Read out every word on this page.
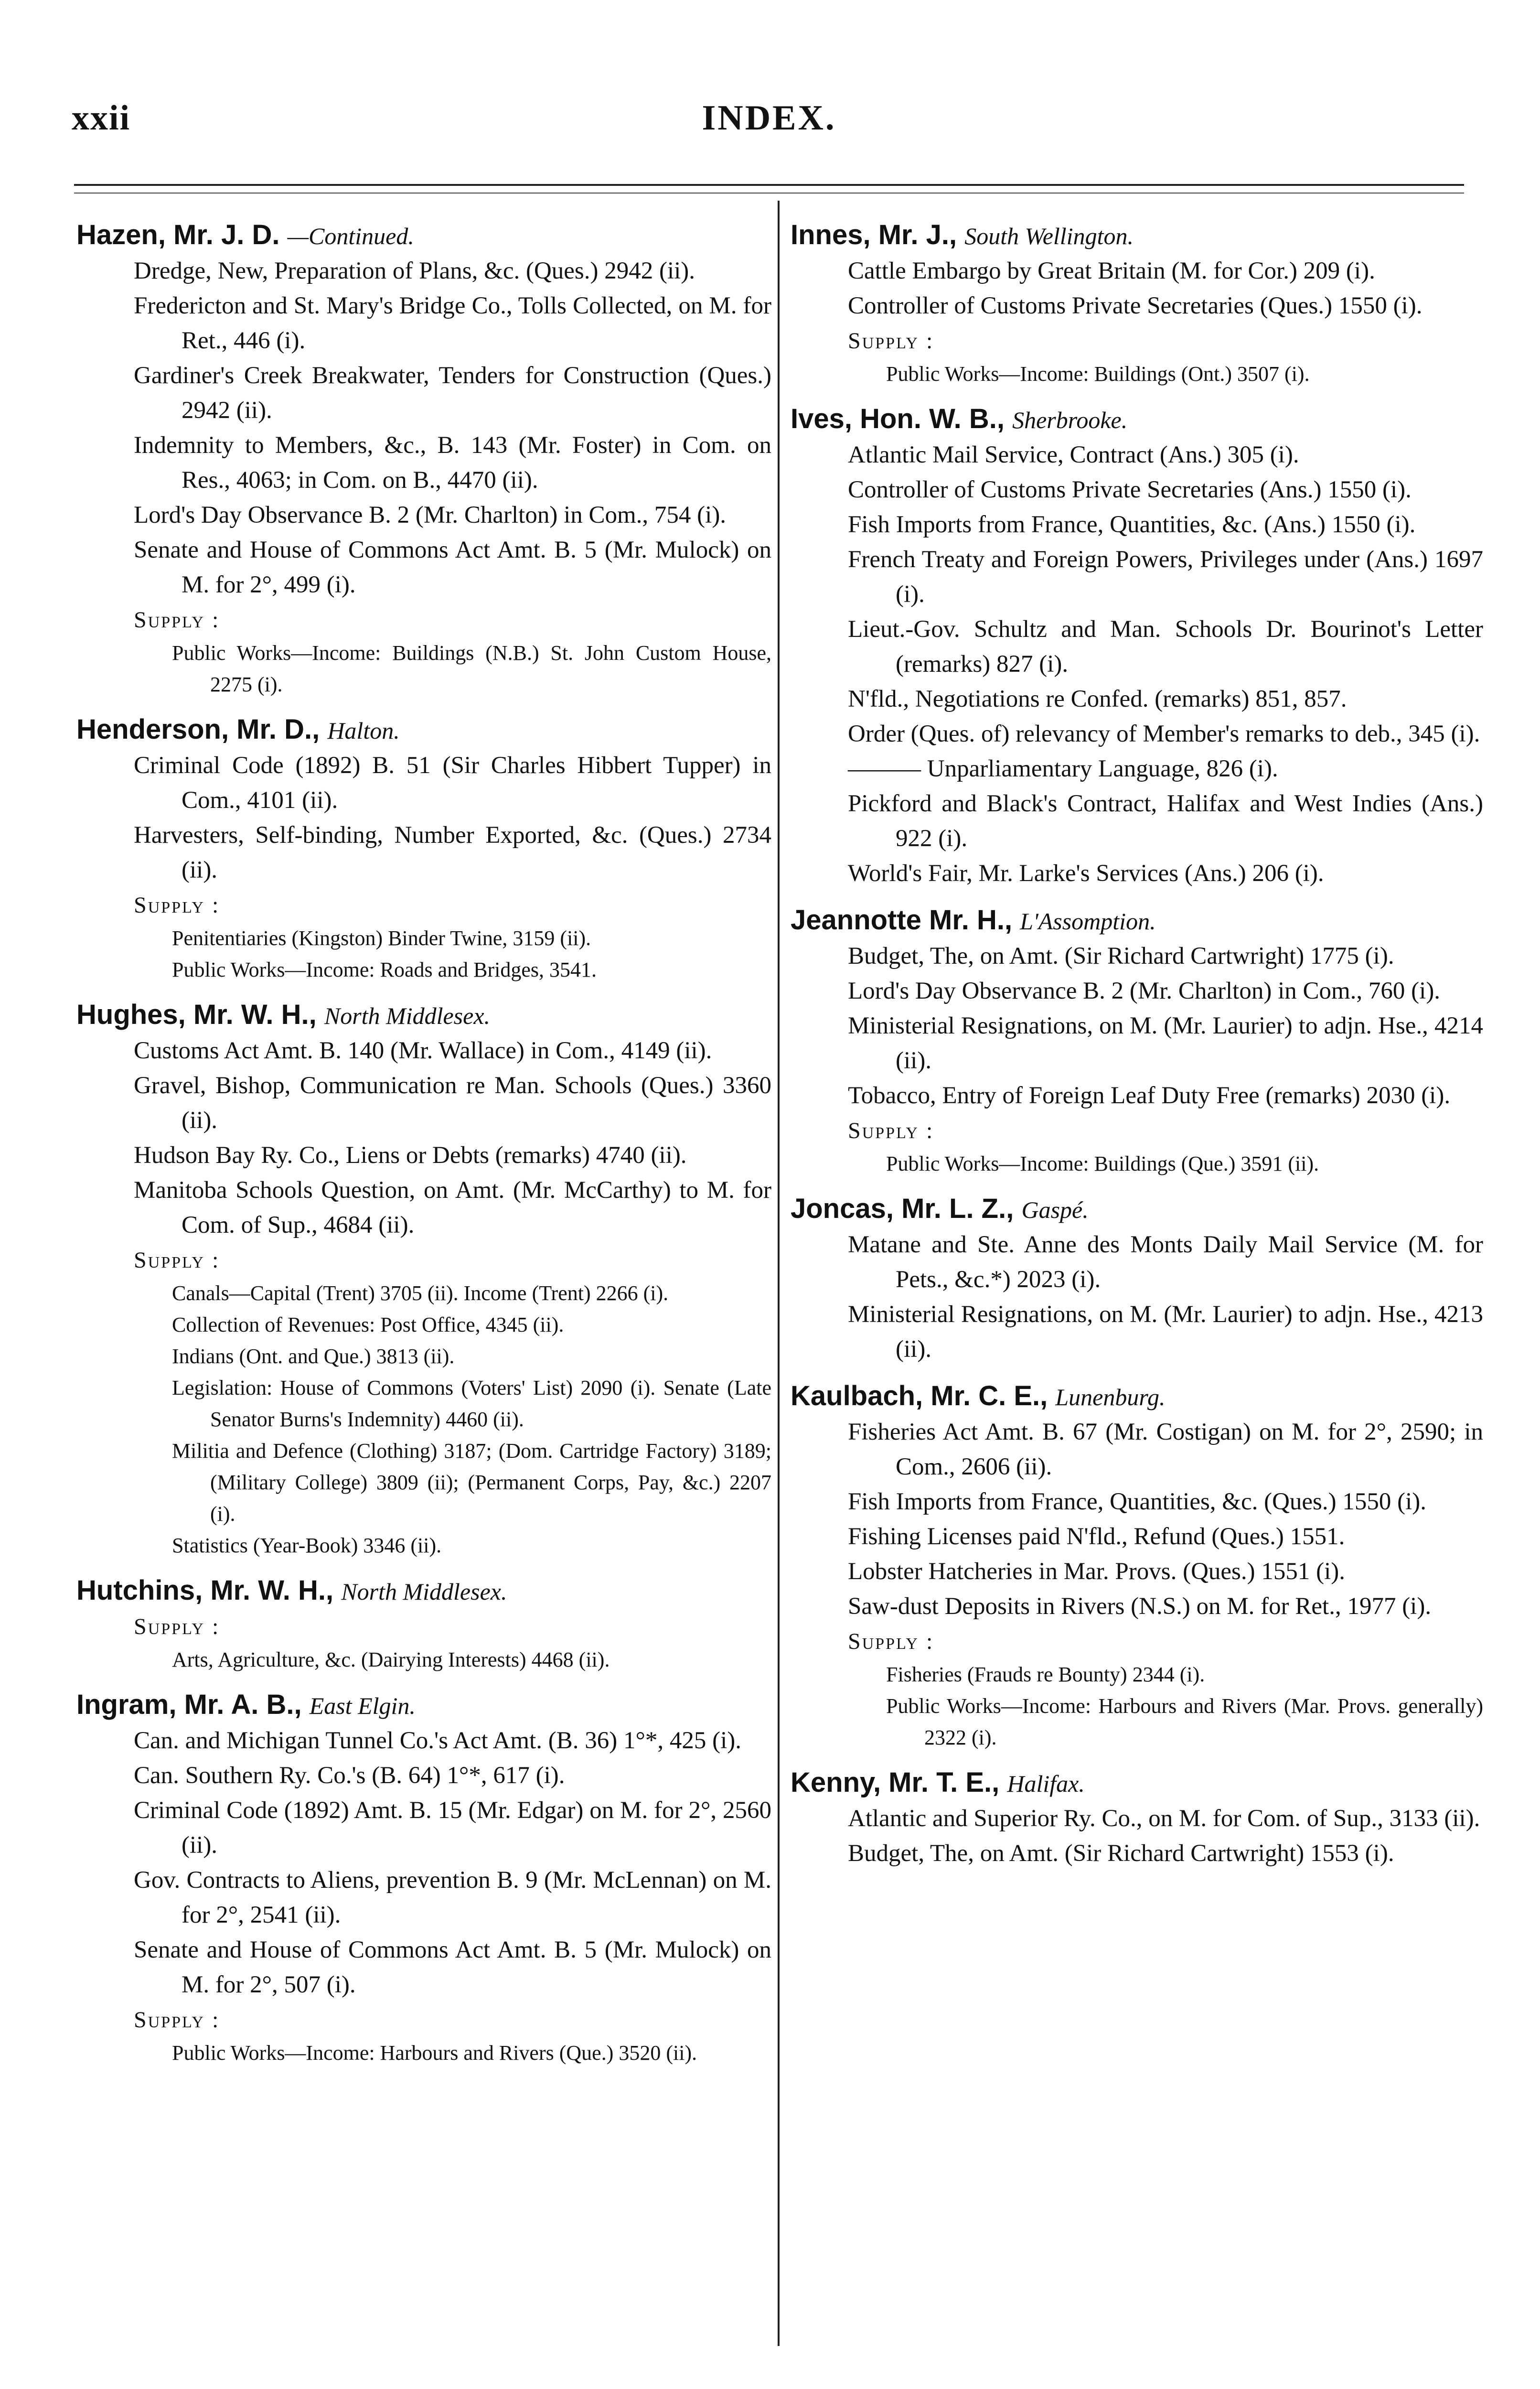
xxii	INDEX.
Hazen, Mr. J. D. —Continued.
Dredge, New, Preparation of Plans, &c. (Ques.) 2942 (ii).
Fredericton and St. Mary's Bridge Co., Tolls Collected, on M. for Ret., 446 (i).
Gardiner's Creek Breakwater, Tenders for Construction (Ques.) 2942 (ii).
Indemnity to Members, &c., B. 143 (Mr. Foster) in Com. on Res., 4063; in Com. on B., 4470 (ii).
Lord's Day Observance B. 2 (Mr. Charlton) in Com., 754 (i).
Senate and House of Commons Act Amt. B. 5 (Mr. Mulock) on M. for 2°, 499 (i).
Supply :
Public Works—Income: Buildings (N.B.) St. John Custom House, 2275 (i).
Henderson, Mr. D., Halton.
Criminal Code (1892) B. 51 (Sir Charles Hibbert Tupper) in Com., 4101 (ii).
Harvesters, Self-binding, Number Exported, &c. (Ques.) 2734 (ii).
Supply :
Penitentiaries (Kingston) Binder Twine, 3159 (ii).
Public Works—Income: Roads and Bridges, 3541.
Hughes, Mr. W. H., North Middlesex.
Customs Act Amt. B. 140 (Mr. Wallace) in Com., 4149 (ii).
Gravel, Bishop, Communication re Man. Schools (Ques.) 3360 (ii).
Hudson Bay Ry. Co., Liens or Debts (remarks) 4740 (ii).
Manitoba Schools Question, on Amt. (Mr. McCarthy) to M. for Com. of Sup., 4684 (ii).
Supply :
Canals—Capital (Trent) 3705 (ii). Income (Trent) 2266 (i).
Collection of Revenues: Post Office, 4345 (ii).
Indians (Ont. and Que.) 3813 (ii).
Legislation: House of Commons (Voters' List) 2090 (i). Senate (Late Senator Burns's Indemnity) 4460 (ii).
Militia and Defence (Clothing) 3187; (Dom. Cartridge Factory) 3189; (Military College) 3809 (ii); (Permanent Corps, Pay, &c.) 2207 (i).
Statistics (Year-Book) 3346 (ii).
Hutchins, Mr. W. H., North Middlesex.
Supply :
Arts, Agriculture, &c. (Dairying Interests) 4468 (ii).
Ingram, Mr. A. B., East Elgin.
Can. and Michigan Tunnel Co.'s Act Amt. (B. 36) 1°*, 425 (i).
Can. Southern Ry. Co.'s (B. 64) 1°*, 617 (i).
Criminal Code (1892) Amt. B. 15 (Mr. Edgar) on M. for 2°, 2560 (ii).
Gov. Contracts to Aliens, prevention B. 9 (Mr. McLennan) on M. for 2°, 2541 (ii).
Senate and House of Commons Act Amt. B. 5 (Mr. Mulock) on M. for 2°, 507 (i).
Supply :
Public Works—Income: Harbours and Rivers (Que.) 3520 (ii).
Innes, Mr. J., South Wellington.
Cattle Embargo by Great Britain (M. for Cor.) 209 (i).
Controller of Customs Private Secretaries (Ques.) 1550 (i).
Supply :
Public Works—Income: Buildings (Ont.) 3507 (i).
Ives, Hon. W. B., Sherbrooke.
Atlantic Mail Service, Contract (Ans.) 305 (i).
Controller of Customs Private Secretaries (Ans.) 1550 (i).
Fish Imports from France, Quantities, &c. (Ans.) 1550 (i).
French Treaty and Foreign Powers, Privileges under (Ans.) 1697 (i).
Lieut.-Gov. Schultz and Man. Schools Dr. Bourinot's Letter (remarks) 827 (i).
N'fld., Negotiations re Confed. (remarks) 851, 857.
Order (Ques. of) relevancy of Member's remarks to deb., 345 (i).
——— Unparliamentary Language, 826 (i).
Pickford and Black's Contract, Halifax and West Indies (Ans.) 922 (i).
World's Fair, Mr. Larke's Services (Ans.) 206 (i).
Jeannotte Mr. H., L'Assomption.
Budget, The, on Amt. (Sir Richard Cartwright) 1775 (i).
Lord's Day Observance B. 2 (Mr. Charlton) in Com., 760 (i).
Ministerial Resignations, on M. (Mr. Laurier) to adjn. Hse., 4214 (ii).
Tobacco, Entry of Foreign Leaf Duty Free (remarks) 2030 (i).
Supply :
Public Works—Income: Buildings (Que.) 3591 (ii).
Joncas, Mr. L. Z., Gaspé.
Matane and Ste. Anne des Monts Daily Mail Service (M. for Pets., &c.*) 2023 (i).
Ministerial Resignations, on M. (Mr. Laurier) to adjn. Hse., 4213 (ii).
Kaulbach, Mr. C. E., Lunenburg.
Fisheries Act Amt. B. 67 (Mr. Costigan) on M. for 2°, 2590; in Com., 2606 (ii).
Fish Imports from France, Quantities, &c. (Ques.) 1550 (i).
Fishing Licenses paid N'fld., Refund (Ques.) 1551.
Lobster Hatcheries in Mar. Provs. (Ques.) 1551 (i).
Saw-dust Deposits in Rivers (N.S.) on M. for Ret., 1977 (i).
Supply :
Fisheries (Frauds re Bounty) 2344 (i).
Public Works—Income: Harbours and Rivers (Mar. Provs. generally) 2322 (i).
Kenny, Mr. T. E., Halifax.
Atlantic and Superior Ry. Co., on M. for Com. of Sup., 3133 (ii).
Budget, The, on Amt. (Sir Richard Cartwright) 1553 (i).
